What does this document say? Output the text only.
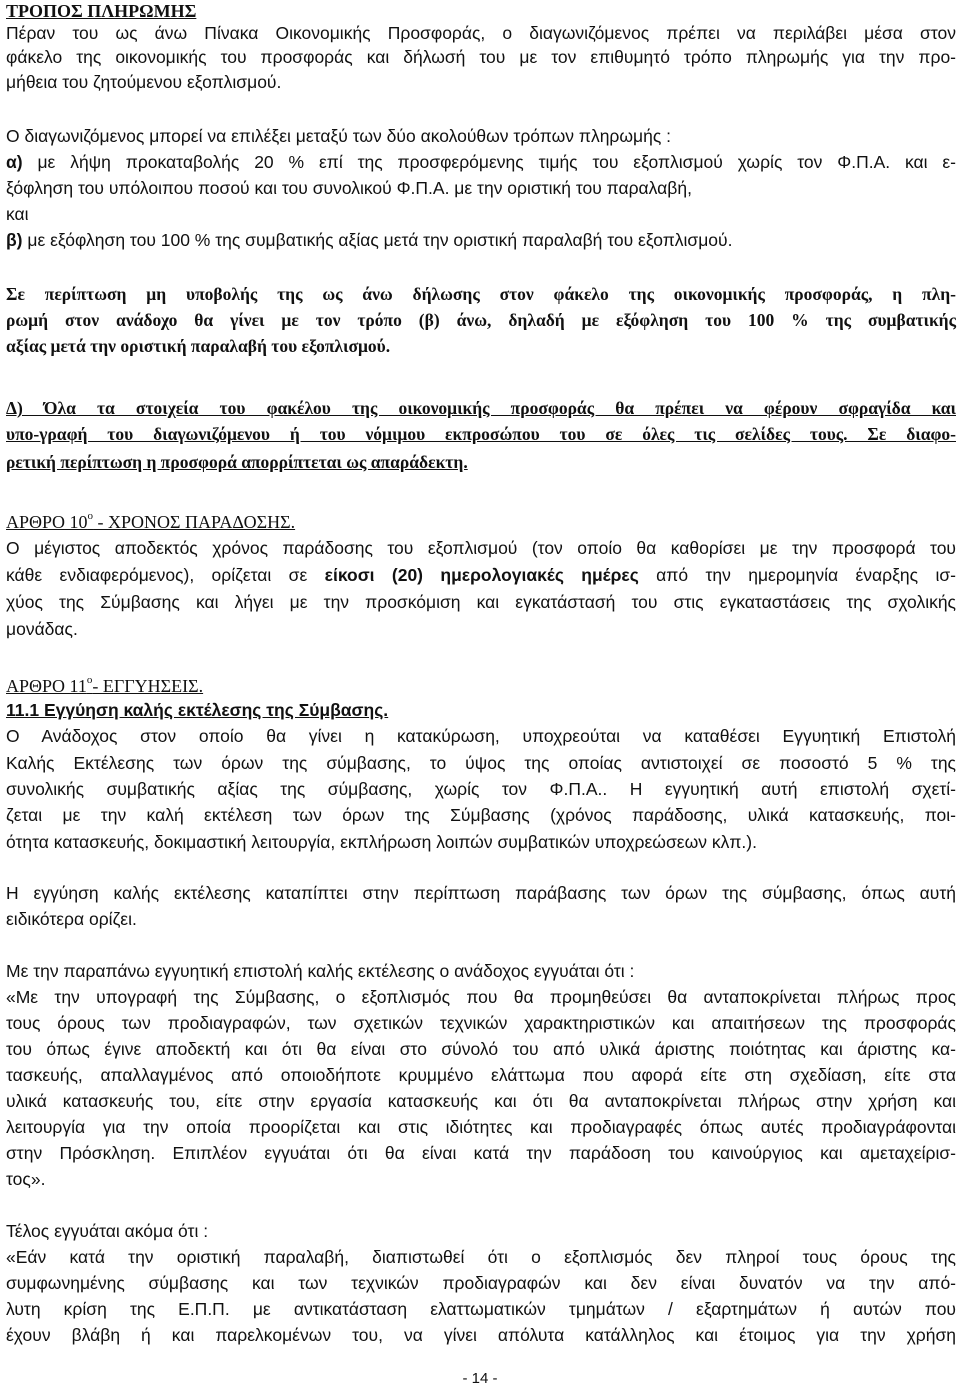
ΤΡΟΠΟΣ ΠΛΗΡΩΜΗΣ
Πέραν του ως άνω Πίνακα Οικονομικής Προσφοράς, ο διαγωνιζόμενος πρέπει να περιλάβει μέσα στον
φάκελο της οικονομικής του προσφοράς και δήλωσή του με τον επιθυμητό τρόπο πληρωμής για την προ-
μήθεια του ζητούμενου εξοπλισμού.
Ο διαγωνιζόμενος μπορεί να επιλέξει μεταξύ των δύο ακολούθων τρόπων πληρωμής :
α) με λήψη προκαταβολής 20 % επί της προσφερόμενης τιμής του εξοπλισμού χωρίς τον Φ.Π.Α. και ε-
ξόφληση του υπόλοιπου ποσού και του συνολικού Φ.Π.Α. με την οριστική του παραλαβή,
και
β) με εξόφληση του 100 % της συμβατικής αξίας μετά την οριστική παραλαβή του εξοπλισμού.
Σε περίπτωση μη υποβολής της ως άνω δήλωσης στον φάκελο της οικονομικής προσφοράς, η πλη-
ρωμή στον ανάδοχο θα γίνει με τον τρόπο (β) άνω, δηλαδή με εξόφληση του 100 % της συμβατικής
αξίας μετά την οριστική παραλαβή του εξοπλισμού.
Δ) Όλα τα στοιχεία του φακέλου της οικονομικής προσφοράς θα πρέπει να φέρουν σφραγίδα και
υπο-γραφή του διαγωνιζόμενου ή του νόμιμου εκπροσώπου του σε όλες τις σελίδες τους. Σε διαφο-
ρετική περίπτωση η προσφορά απορρίπτεται ως απαράδεκτη.
ΑΡΘΡΟ $10^o$ - ΧΡΟΝΟΣ ΠΑΡΑΔΟΣΗΣ.
Ο μέγιστος αποδεκτός χρόνος παράδοσης του εξοπλισμού (τον οποίο θα καθορίσει με την προσφορά του
κάθε ενδιαφερόμενος), ορίζεται σε είκοσι (20) ημερολογιακές ημέρες από την ημερομηνία έναρξης ισ-
χύος της Σύμβασης και λήγει με την προσκόμιση και εγκατάστασή του στις εγκαταστάσεις της σχολικής
μονάδας.
ΑΡΘΡΟ $11^o-$ ΕΓΓΥΗΣΕΙΣ.
11.1 Εγγύηση καλής εκτέλεσης της Σύμβασης.
Ο Ανάδοχος στον οποίο θα γίνει η κατακύρωση, υποχρεούται να καταθέσει Εγγυητική Επιστολή
Καλής Εκτέλεσης των όρων της σύμβασης, το ύψος της οποίας αντιστοιχεί σε ποσοστό 5 % της
συνολικής συμβατικής αξίας της σύμβασης, χωρίς τον Φ.Π.Α.. Η εγγυητική αυτή επιστολή σχετί-
ζεται με την καλή εκτέλεση των όρων της Σύμβασης (χρόνος παράδοσης, υλικά κατασκευής, ποι-
ότητα κατασκευής, δοκιμαστική λειτουργία, εκπλήρωση λοιπών συμβατικών υποχρεώσεων κλπ.).
Η εγγύηση καλής εκτέλεσης καταπίπτει στην περίπτωση παράβασης των όρων της σύμβασης, όπως αυτή
ειδικότερα ορίζει.
Με την παραπάνω εγγυητική επιστολή καλής εκτέλεσης ο ανάδοχος εγγυάται ότι :
«Με την υπογραφή της Σύμβασης, ο εξοπλισμός που θα προμηθεύσει θα ανταποκρίνεται πλήρως προς
τους όρους των προδιαγραφών, των σχετικών τεχνικών χαρακτηριστικών και απαιτήσεων της προσφοράς
του όπως έγινε αποδεκτή και ότι θα είναι στο σύνολό του από υλικά άριστης ποιότητας και άριστης κα-
τασκευής, απαλλαγμένος από οποιοδήποτε κρυμμένο ελάττωμα που αφορά είτε στη σχεδίαση, είτε στα
υλικά κατασκευής του, είτε στην εργασία κατασκευής και ότι θα ανταποκρίνεται πλήρως στην χρήση και
λειτουργία για την οποία προορίζεται και στις ιδιότητες και προδιαγραφές όπως αυτές προδιαγράφονται
στην Πρόσκληση. Επιπλέον εγγυάται ότι θα είναι κατά την παράδοση του καινούργιος και αμεταχείρισ-
τος».
Τέλος εγγυάται ακόμα ότι :
«Εάν κατά την οριστική παραλαβή, διαπιστωθεί ότι ο εξοπλισμός δεν πληροί τους όρους της
συμφωνημένης σύμβασης και των τεχνικών προδιαγραφών και δεν είναι δυνατόν να την από-
λυτη κρίση της Ε.Π.Π. με αντικατάσταση ελαττωματικών τμημάτων / εξαρτημάτων ή αυτών που
έχουν βλάβη ή και παρελκομένων του, να γίνει απόλυτα κατάλληλος και έτοιμος για την χρήση
- 14 -
